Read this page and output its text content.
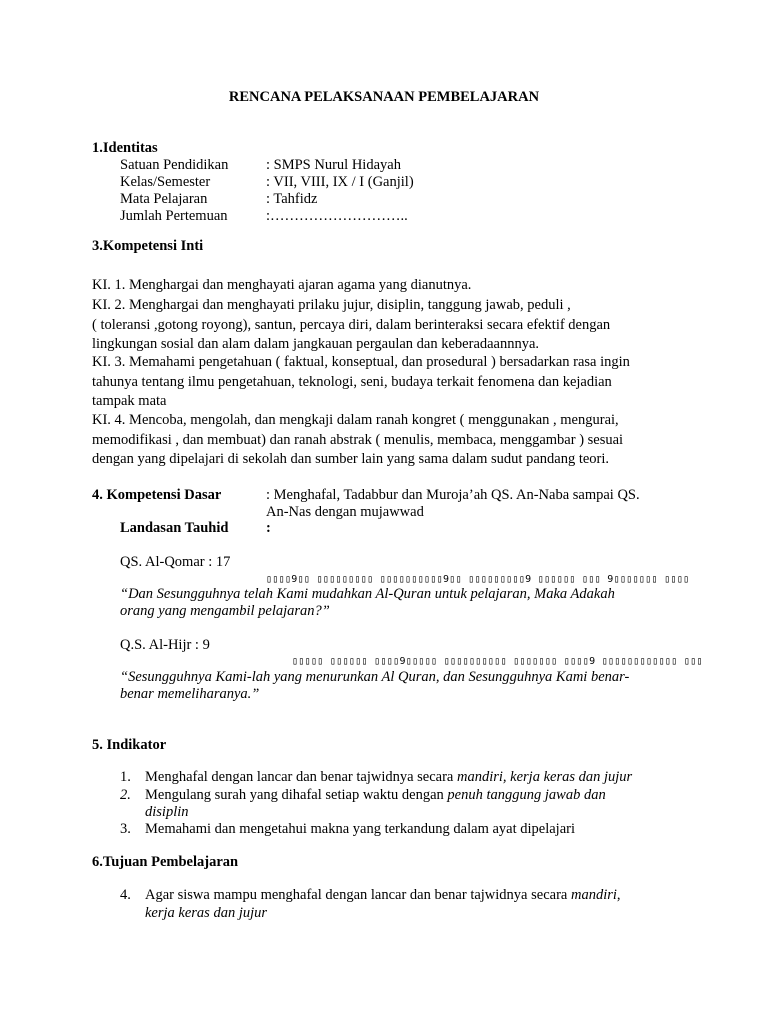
RENCANA PELAKSANAAN PEMBELAJARAN
1.Identitas
Satuan Pendidikan	: SMPS Nurul Hidayah
Kelas/Semester	: VII, VIII, IX / I (Ganjil)
Mata Pelajaran	: Tahfidz
Jumlah Pertemuan	:………………………..
3.Kompetensi Inti
KI. 1. Menghargai dan menghayati ajaran agama yang dianutnya.
KI. 2. Menghargai dan menghayati prilaku jujur, disiplin, tanggung jawab, peduli ,
( toleransi ,gotong royong), santun, percaya diri, dalam berinteraksi secara efektif dengan
lingkungan sosial dan alam dalam jangkauan pergaulan dan keberadaannnya.
KI. 3. Memahami pengetahuan ( faktual, konseptual, dan prosedural ) bersadarkan rasa ingin
tahunya tentang ilmu pengetahuan, teknologi, seni, budaya terkait fenomena dan kejadian
tampak mata
KI. 4. Mencoba, mengolah, dan mengkaji dalam ranah kongret ( menggunakan , mengurai,
memodifikasi , dan membuat) dan ranah abstrak ( menulis, membaca, menggambar ) sesuai
dengan yang dipelajari di sekolah dan sumber lain yang sama dalam sudut pandang teori.
4. Kompetensi Dasar	: Menghafal, Tadabbur dan Muroja’ah QS. An-Naba sampai QS.
An-Nas dengan mujawwad
Landasan Tauhid	:
QS. Al-Qomar : 17
▯▯▯▯9▯▯ ▯▯▯▯▯▯▯▯▯ ▯▯▯▯▯▯▯▯▯▯9▯▯ ▯▯▯▯▯▯▯▯▯9 ▯▯▯▯▯▯ ▯▯▯ 9▯▯▯▯▯▯▯ ▯▯▯▯
“Dan Sesungguhnya telah Kami mudahkan Al-Quran untuk pelajaran, Maka Adakah
orang yang mengambil pelajaran?”
Q.S. Al-Hijr : 9
▯▯▯▯▯ ▯▯▯▯▯▯ ▯▯▯▯9▯▯▯▯▯ ▯▯▯▯▯▯▯▯▯▯ ▯▯▯▯▯▯▯ ▯▯▯▯9 ▯▯▯▯▯▯▯▯▯▯▯▯ ▯▯▯
“Sesungguhnya Kami-lah yang menurunkan Al Quran, dan Sesungguhnya Kami benar-
benar memeliharanya.”
5. Indikator
1. Menghafal dengan lancar dan benar tajwidnya secara mandiri, kerja keras dan jujur
2. Mengulang surah yang dihafal setiap waktu dengan penuh tanggung jawab dan
disiplin
3. Memahami dan mengetahui makna yang terkandung dalam ayat dipelajari
6.Tujuan Pembelajaran
4. Agar siswa mampu menghafal dengan lancar dan benar tajwidnya secara mandiri,
kerja keras dan jujur
